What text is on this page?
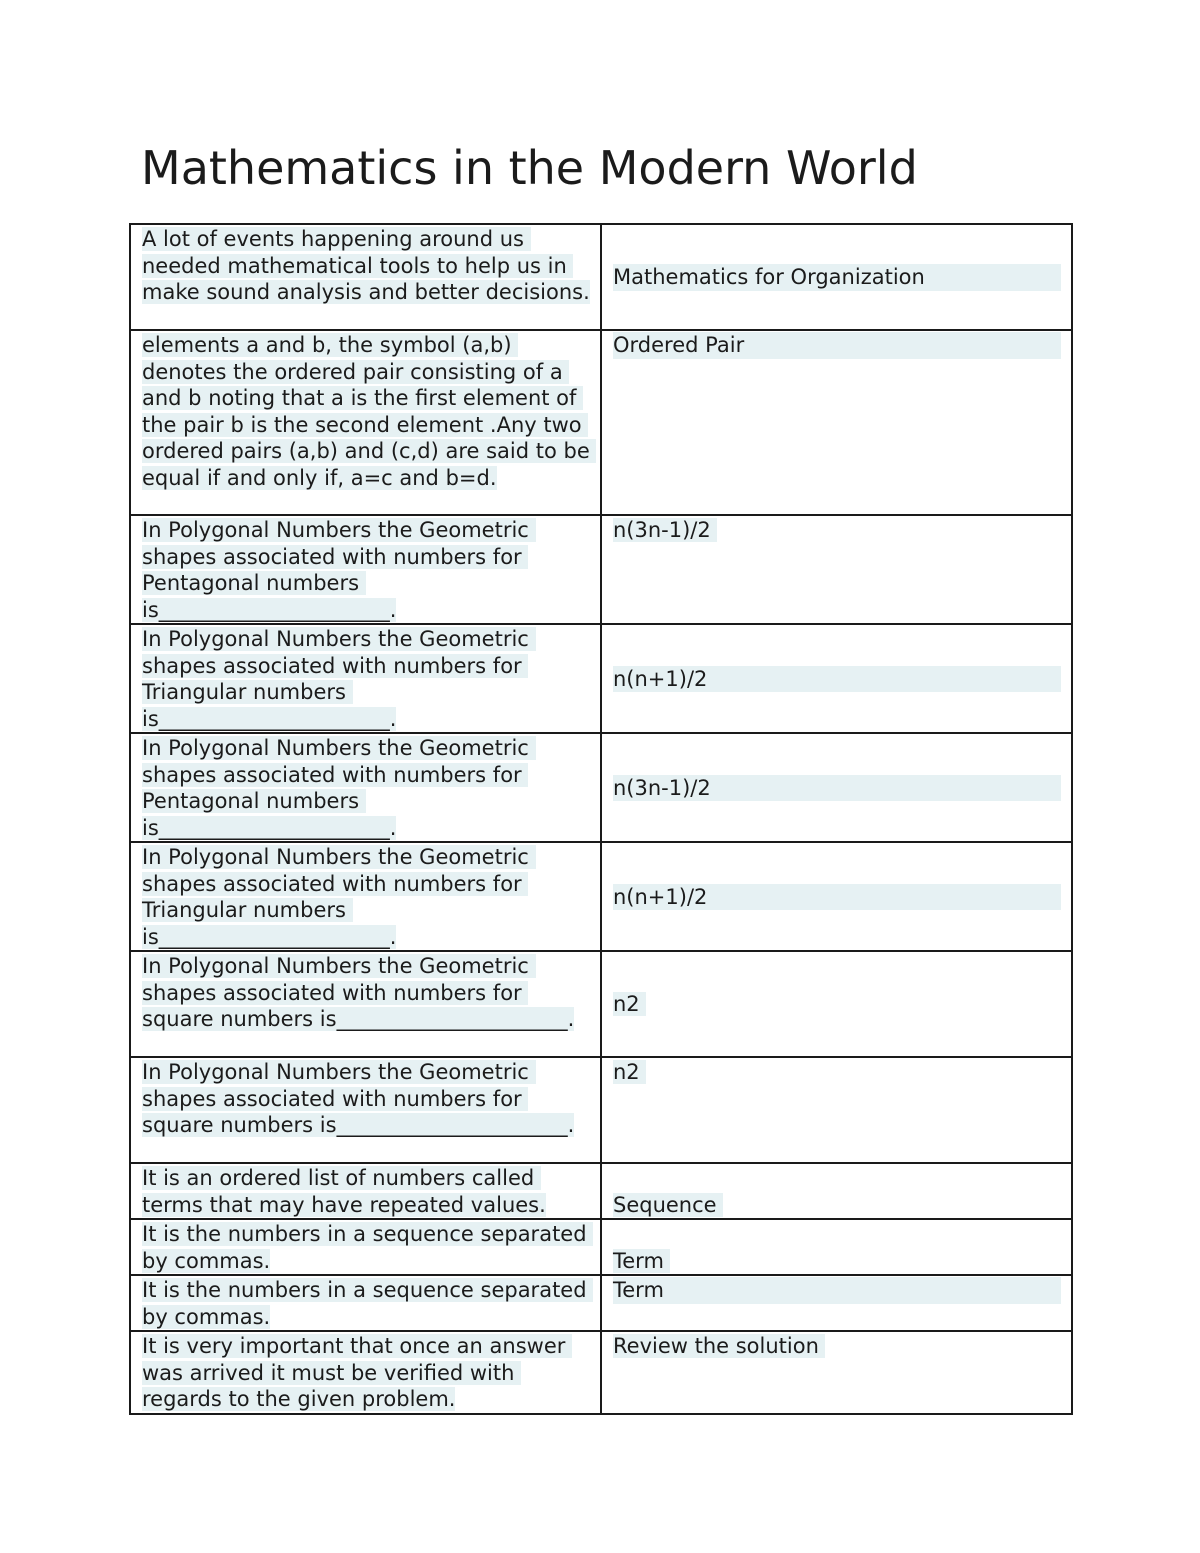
Mathematics in the Modern World
A lot of events happening around us needed mathematical tools to help us in make sound analysis and better decisions.	Mathematics for Organization

elements a and b, the symbol (a,b) denotes the ordered pair consisting of a and b noting that a is the first element of the pair b is the second element .Any two ordered pairs (a,b) and (c,d) are said to be equal if and only if, a=c and b=d.	Ordered Pair

In Polygonal Numbers the Geometric shapes associated with numbers for Pentagonal numbers is______________________.	n(3n-1)/2

In Polygonal Numbers the Geometric shapes associated with numbers for Triangular numbers is______________________.	n(n+1)/2

In Polygonal Numbers the Geometric shapes associated with numbers for Pentagonal numbers is______________________.	n(3n-1)/2

In Polygonal Numbers the Geometric shapes associated with numbers for Triangular numbers is______________________.	n(n+1)/2

In Polygonal Numbers the Geometric shapes associated with numbers for square numbers is______________________.	n2

In Polygonal Numbers the Geometric shapes associated with numbers for square numbers is______________________.	n2

It is an ordered list of numbers called terms that may have repeated values.	Sequence

It is the numbers in a sequence separated by commas.	Term

It is the numbers in a sequence separated by commas.	Term

It is very important that once an answer was arrived it must be verified with regards to the given problem.	Review the solution
